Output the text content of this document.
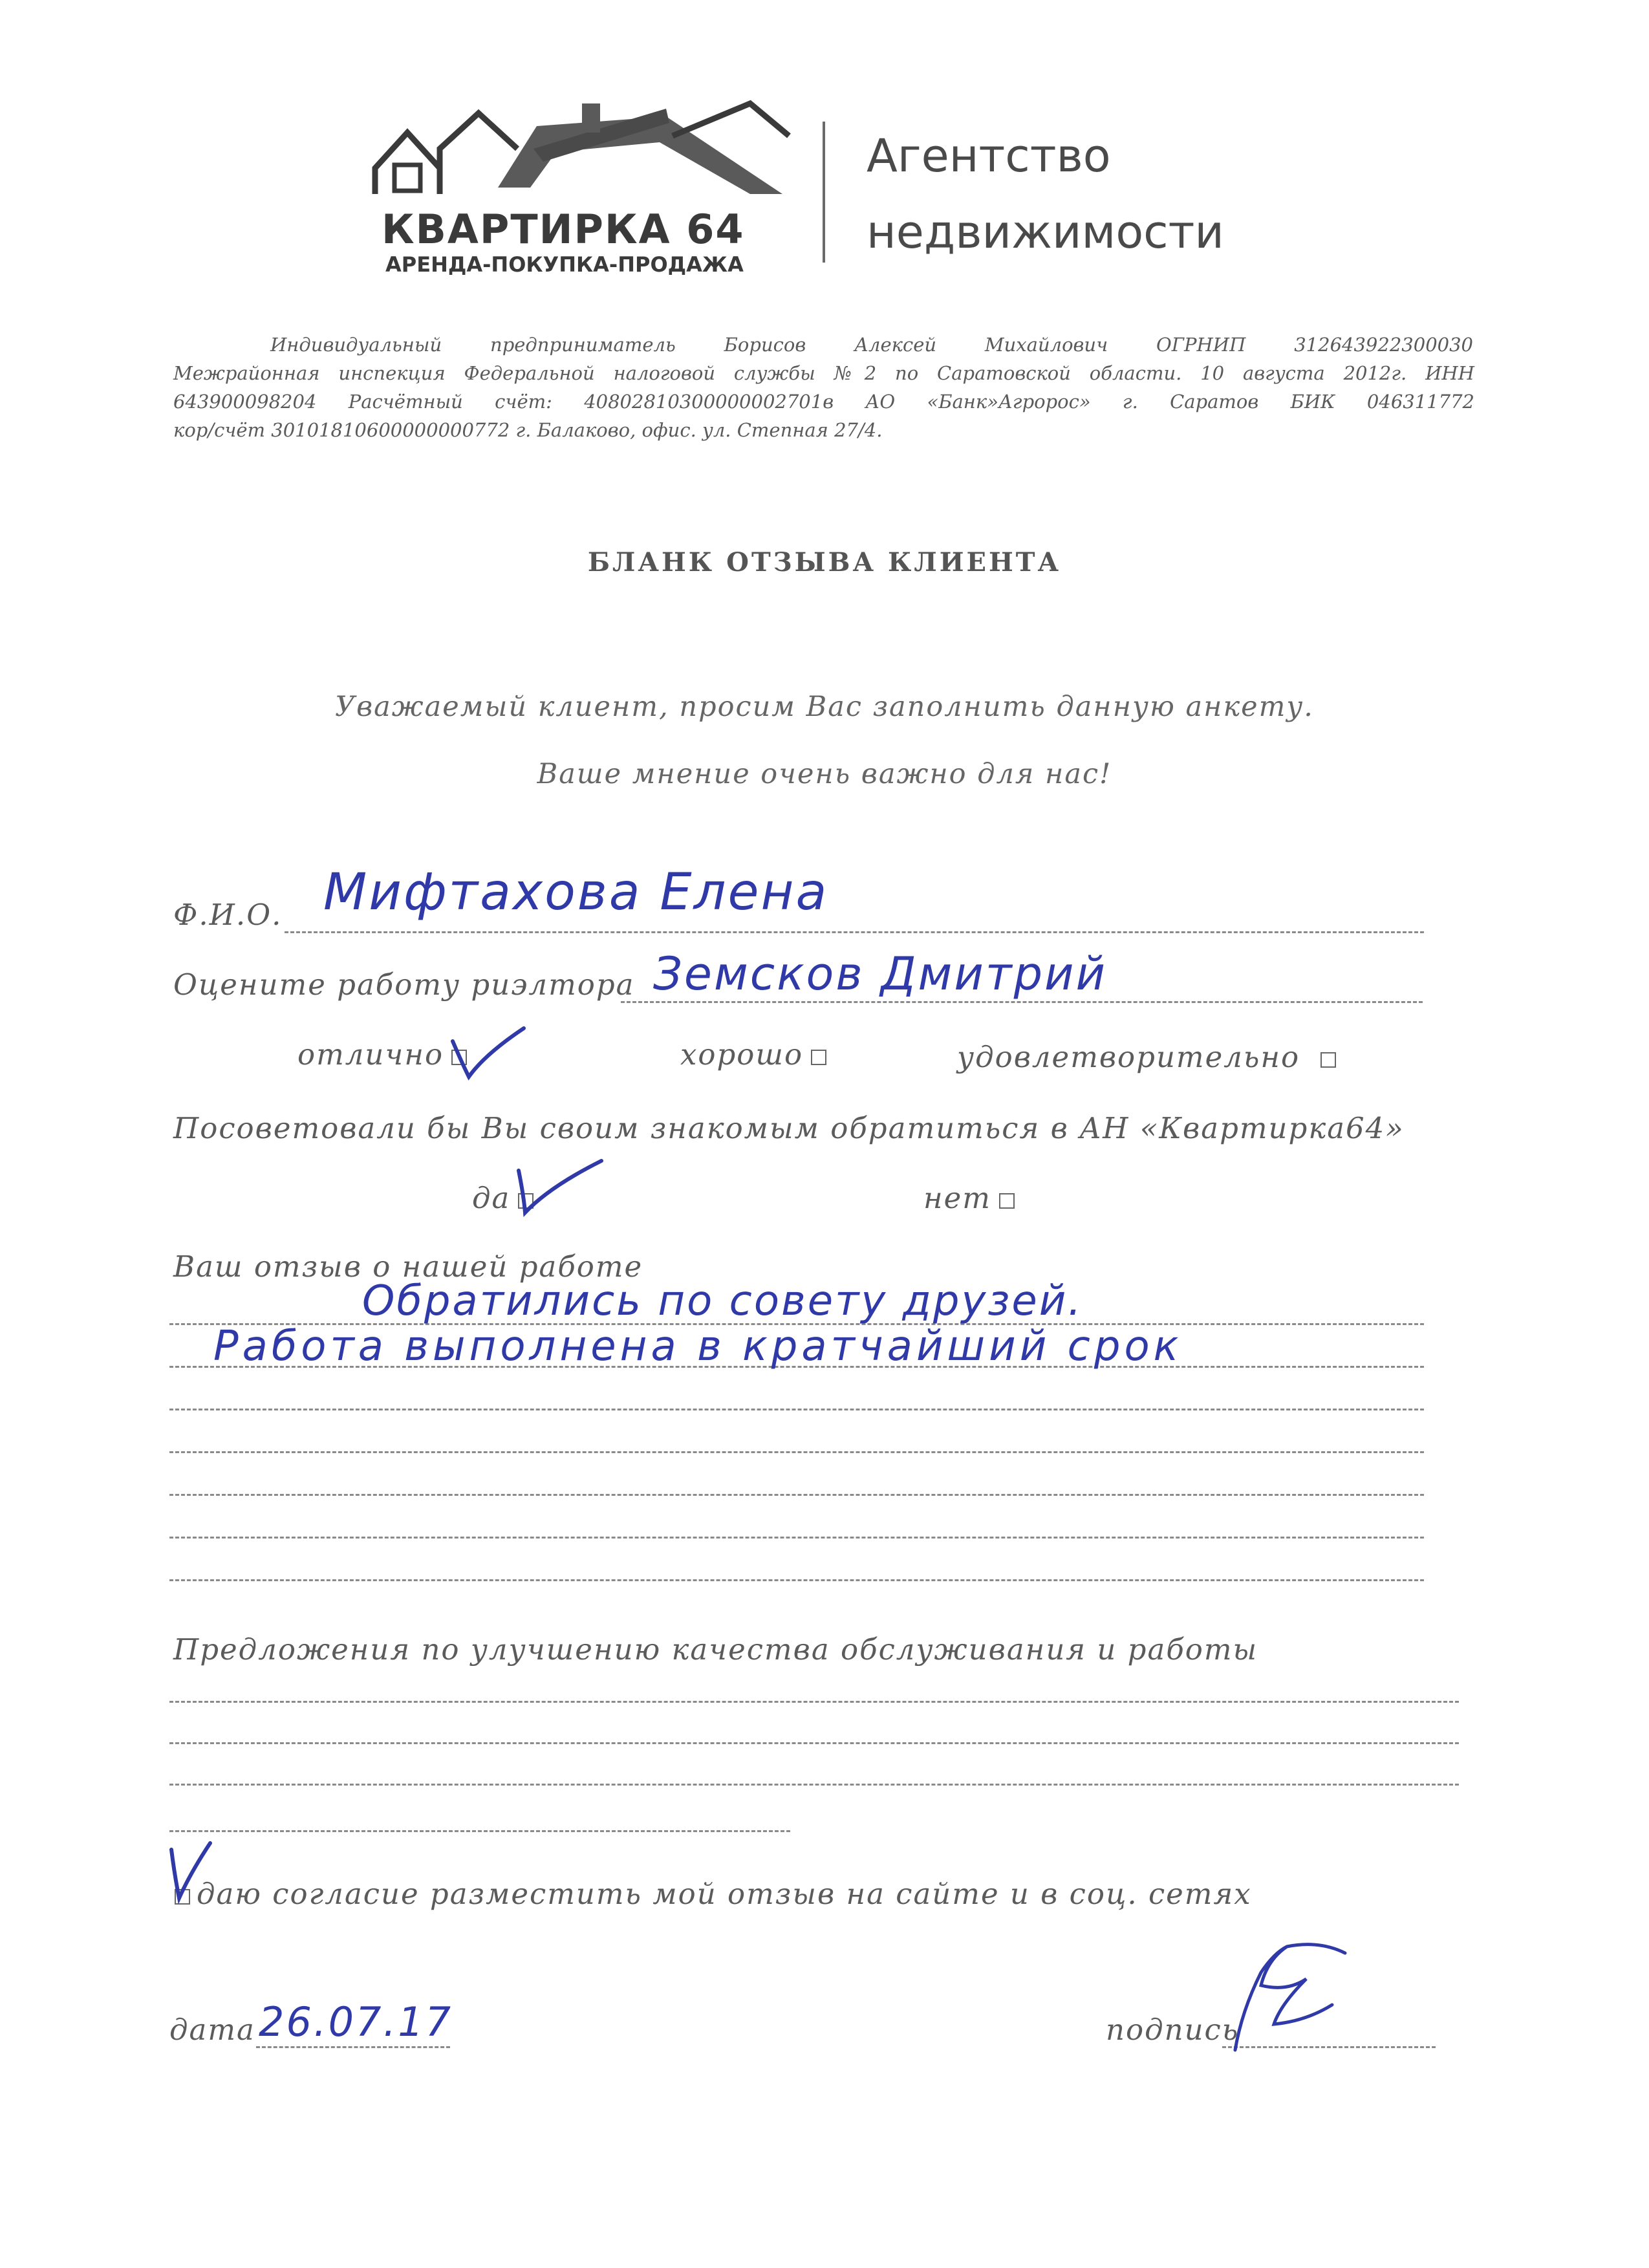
КВАРТИРКА 64
АРЕНДА-ПОКУПКА-ПРОДАЖА
Агентство
недвижимости
Индивидуальный предприниматель Борисов Алексей Михайлович ОГРНИП 312643922300030
Межрайонная инспекция Федеральной налоговой службы №2 по Саратовской области. 10 августа 2012г. ИНН
643900098204 Расчётный счёт: 40802810300000002701в АО «Банк»Агророс» г. Саратов БИК 046311772
кор/счёт 30101810600000000772 г. Балаково, офис. ул. Степная 27/4.
БЛАНК ОТЗЫВА КЛИЕНТА
Уважаемый клиент, просим Вас заполнить данную анкету.
Ваше мнение очень важно для нас!
Ф.И.О. Мифтахова Елена
Оцените работу риэлтора Земсков Дмитрий
отлично	хорошо	удовлетворительно
Посоветовали бы Вы своим знакомым обратиться в АН «Квартирка64»
да	нет
Ваш отзыв о нашей работе
Обратились по совету друзей.
Работа выполнена в кратчайший срок
Предложения по улучшению качества обслуживания и работы
даю согласие разместить мой отзыв на сайте и в соц. сетях
дата 26.07.17	подпись
